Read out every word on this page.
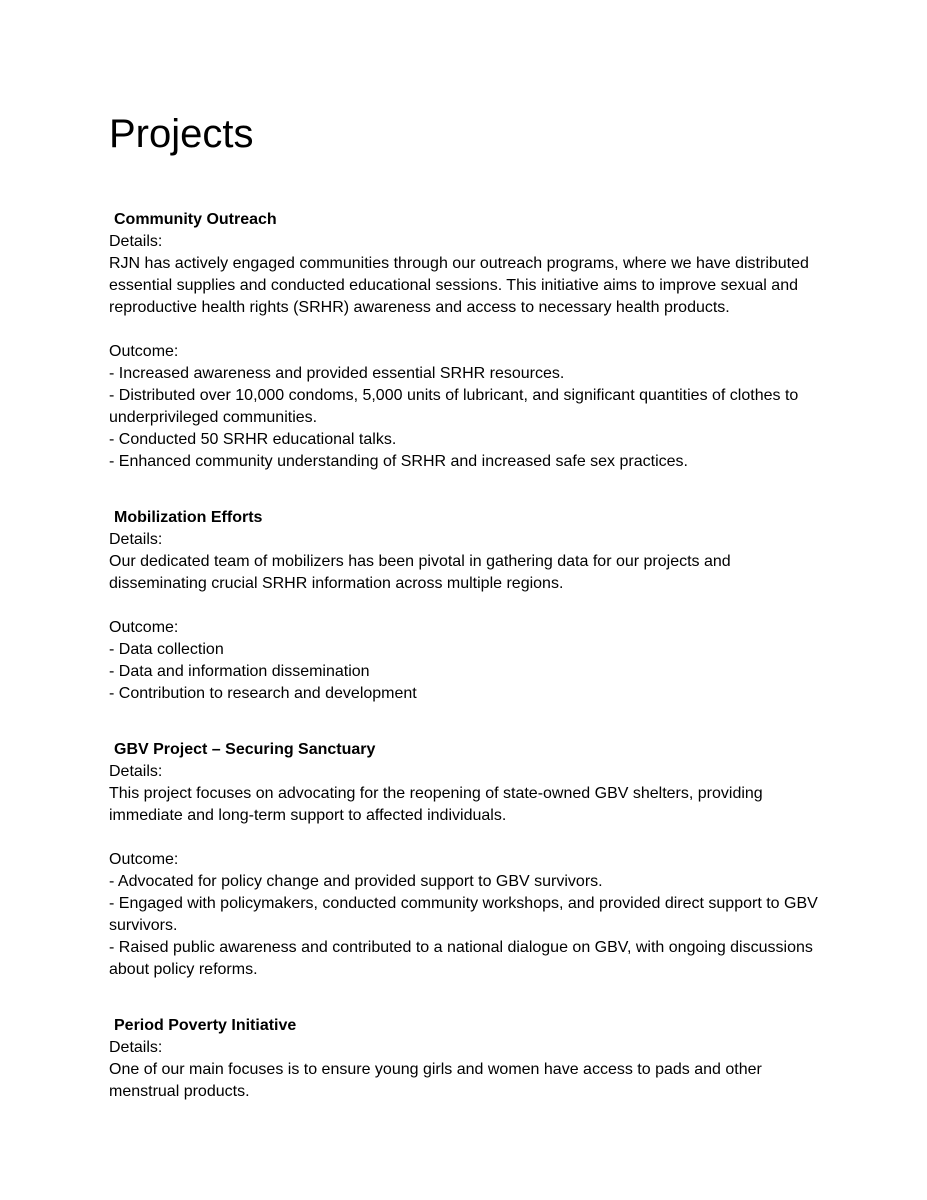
Projects

Community Outreach

Details:

RJN has actively engaged communities through our outreach programs, where we have distributed essential supplies and conducted educational sessions. This initiative aims to improve sexual and reproductive health rights (SRHR) awareness and access to necessary health products.

Outcome:

- Increased awareness and provided essential SRHR resources.
- Distributed over 10,000 condoms, 5,000 units of lubricant, and significant quantities of clothes to underprivileged communities.
- Conducted 50 SRHR educational talks.
- Enhanced community understanding of SRHR and increased safe sex practices.

Mobilization Efforts

Details:

Our dedicated team of mobilizers has been pivotal in gathering data for our projects and disseminating crucial SRHR information across multiple regions.

Outcome:

- Data collection
- Data and information dissemination
- Contribution to research and development

GBV Project – Securing Sanctuary

Details:

This project focuses on advocating for the reopening of state-owned GBV shelters, providing immediate and long-term support to affected individuals.

Outcome:

- Advocated for policy change and provided support to GBV survivors.
- Engaged with policymakers, conducted community workshops, and provided direct support to GBV survivors.
- Raised public awareness and contributed to a national dialogue on GBV, with ongoing discussions about policy reforms.

Period Poverty Initiative

Details:

One of our main focuses is to ensure young girls and women have access to pads and other menstrual products.
